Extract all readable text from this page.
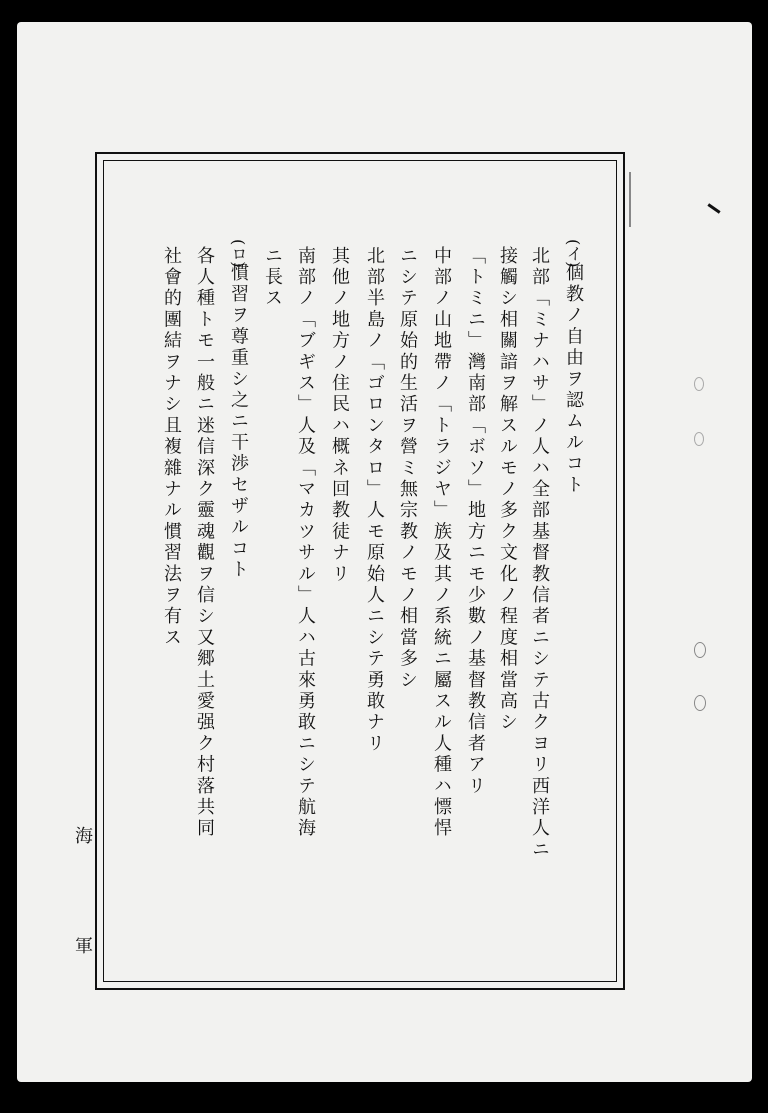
(イ)
個教ノ自由ヲ認ムルコト
北部「ミナハサ」ノ人ハ全部基督教信者ニシテ古クヨリ西洋人ニ
接觸シ相關諳ヲ解スルモノ多ク文化ノ程度相當高シ
「トミニ」灣南部「ボソ」地方ニモ少數ノ基督教信者アリ
中部ノ山地帶ノ「トラジヤ」族及其ノ系統ニ屬スル人種ハ慓悍
ニシテ原始的生活ヲ營ミ無宗教ノモノ相當多シ
北部半島ノ「ゴロンタロ」人モ原始人ニシテ勇敢ナリ
其他ノ地方ノ住民ハ概ネ回教徒ナリ
南部ノ「ブギス」人及「マカツサル」人ハ古來勇敢ニシテ航海
ニ長ス
慣習ヲ尊重シ之ニ干渉セザルコト
(ロ)
各人種トモ一般ニ迷信深ク靈魂觀ヲ信シ又郷土愛强ク村落共同
社會的團結ヲナシ且複雜ナル慣習法ヲ有ス
海
軍
